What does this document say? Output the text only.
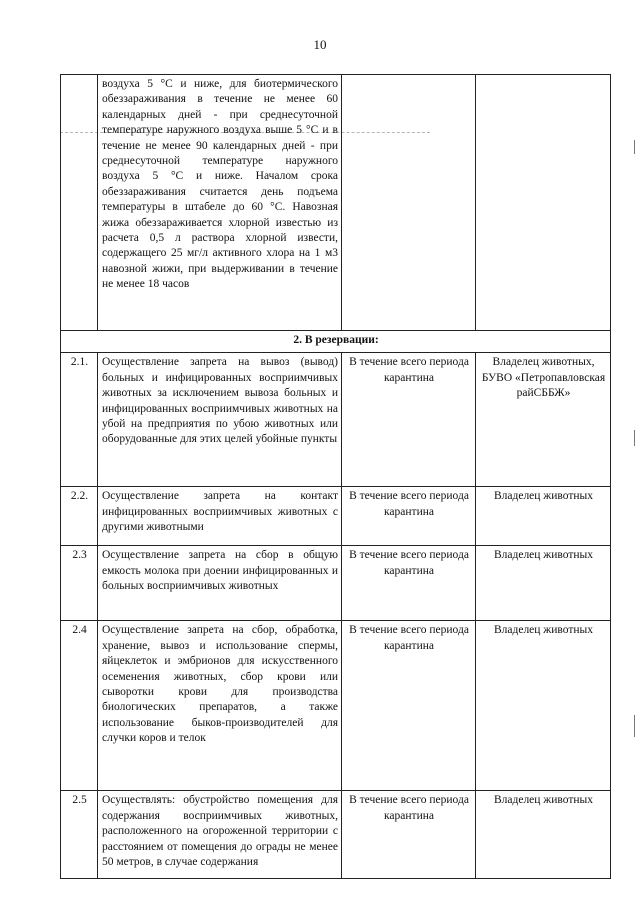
10
	воздуха 5 °С и ниже, для биотермического обеззараживания в течение не менее 60 календарных дней - при среднесуточной температуре наружного воздуха выше 5 °С и в течение не менее 90 календарных дней - при среднесуточной температуре наружного воздуха 5 °С и ниже. Началом срока обеззараживания считается день подъема температуры в штабеле до 60 °С. Навозная жижа обеззараживается хлорной известью из расчета 0,5 л раствора хлорной извести, содержащего 25 мг/л активного хлора на 1 м3 навозной жижи, при выдерживании в течение не менее 18 часов		
2. В резервации:			
2.1.	Осуществление запрета на вывоз (вывод) больных и инфицированных восприимчивых животных за исключением вывоза больных и инфицированных восприимчивых животных на убой на предприятия по убою животных или оборудованные для этих целей убойные пункты	В течение всего периода карантина	Владелец животных, БУВО «Петропавловская райСББЖ»
2.2.	Осуществление запрета на контакт инфицированных восприимчивых животных с другими животными	В течение всего периода карантина	Владелец животных
2.3	Осуществление запрета на сбор в общую емкость молока при доении инфицированных и больных восприимчивых животных	В течение всего периода карантина	Владелец животных
2.4	Осуществление запрета на сбор, обработка, хранение, вывоз и использование спермы, яйцеклеток и эмбрионов для искусственного осеменения животных, сбор крови или сыворотки крови для производства биологических препаратов, а также использование быков-производителей для случки коров и телок	В течение всего периода карантина	Владелец животных
2.5	Осуществлять: обустройство помещения для содержания восприимчивых животных, расположенного на огороженной территории с расстоянием от помещения до ограды не менее 50 метров, в случае содержания	В течение всего периода карантина	Владелец животных
